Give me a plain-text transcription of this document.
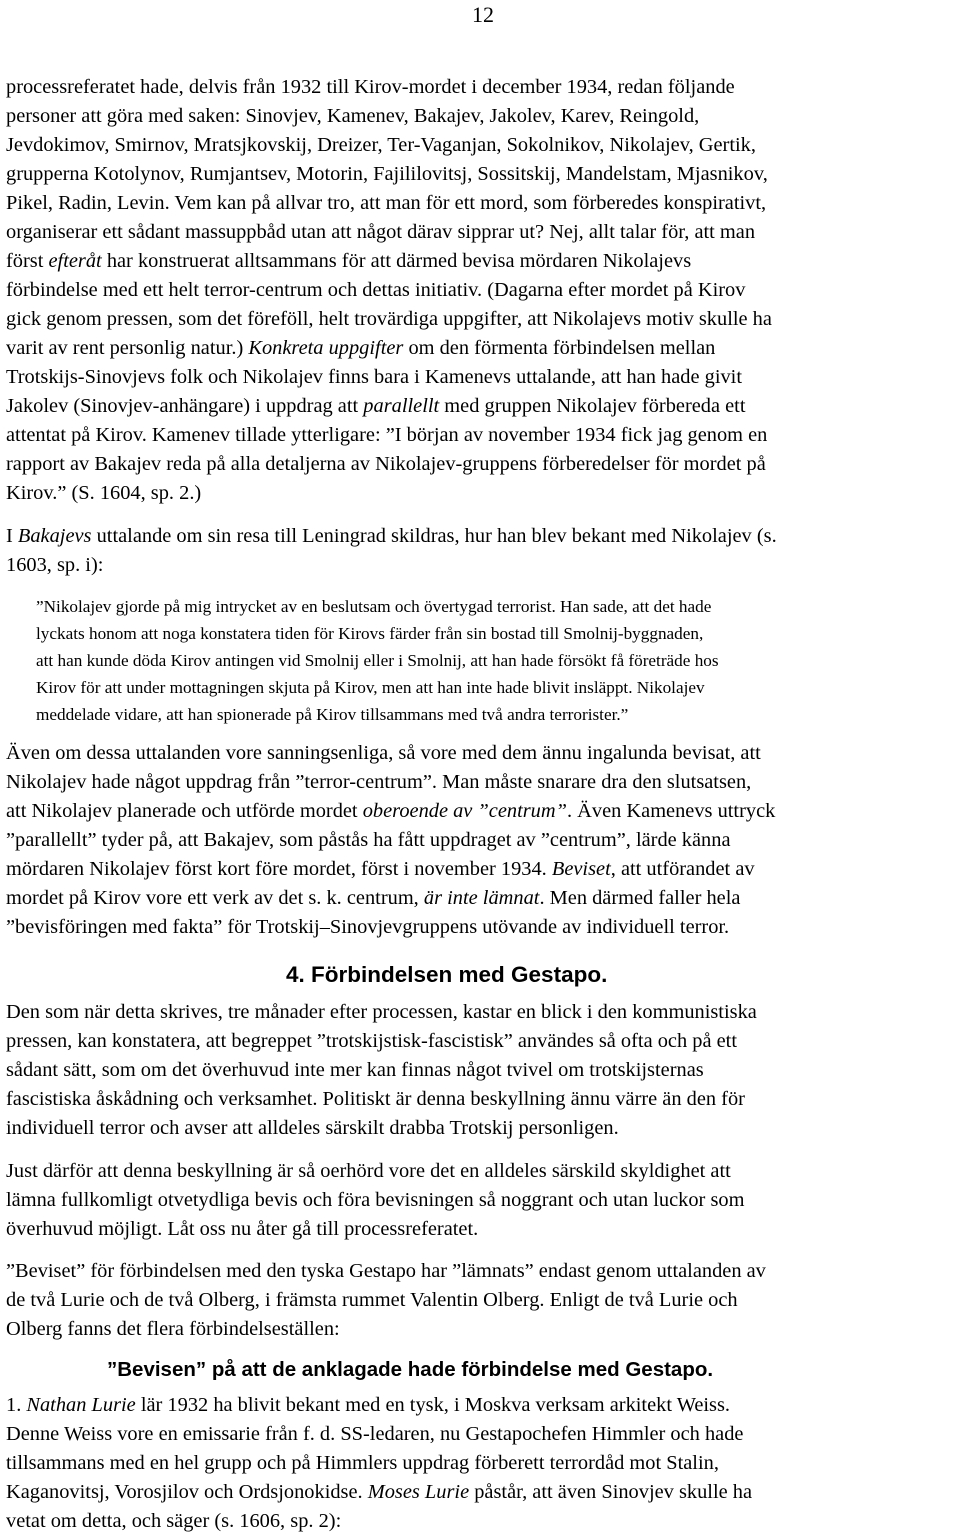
12
processreferatet hade, delvis från 1932 till Kirov-mordet i december 1934, redan följande
personer att göra med saken: Sinovjev, Kamenev, Bakajev, Jakolev, Karev, Reingold,
Jevdokimov, Smirnov, Mratsjkovskij, Dreizer, Ter-Vaganjan, Sokolnikov, Nikolajev, Gertik,
grupperna Kotolynov, Rumjantsev, Motorin, Fajililovitsj, Sossitskij, Mandelstam, Mjasnikov,
Pikel, Radin, Levin. Vem kan på allvar tro, att man för ett mord, som förberedes konspirativt,
organiserar ett sådant massuppbåd utan att något därav sipprar ut? Nej, allt talar för, att man
först efteråt har konstruerat alltsammans för att därmed bevisa mördaren Nikolajevs
förbindelse med ett helt terror-centrum och dettas initiativ. (Dagarna efter mordet på Kirov
gick genom pressen, som det föreföll, helt trovärdiga uppgifter, att Nikolajevs motiv skulle ha
varit av rent personlig natur.) Konkreta uppgifter om den förmenta förbindelsen mellan
Trotskijs-Sinovjevs folk och Nikolajev finns bara i Kamenevs uttalande, att han hade givit
Jakolev (Sinovjev-anhängare) i uppdrag att parallellt med gruppen Nikolajev förbereda ett
attentat på Kirov. Kamenev tillade ytterligare: ”I början av november 1934 fick jag genom en
rapport av Bakajev reda på alla detaljerna av Nikolajev-gruppens förberedelser för mordet på
Kirov.” (S. 1604, sp. 2.)
I Bakajevs uttalande om sin resa till Leningrad skildras, hur han blev bekant med Nikolajev (s.
1603, sp. i):
”Nikolajev gjorde på mig intrycket av en beslutsam och övertygad terrorist. Han sade, att det hade
lyckats honom att noga konstatera tiden för Kirovs färder från sin bostad till Smolnij-byggnaden,
att han kunde döda Kirov antingen vid Smolnij eller i Smolnij, att han hade försökt få företräde hos
Kirov för att under mottagningen skjuta på Kirov, men att han inte hade blivit insläppt. Nikolajev
meddelade vidare, att han spionerade på Kirov tillsammans med två andra terrorister.”
Även om dessa uttalanden vore sanningsenliga, så vore med dem ännu ingalunda bevisat, att
Nikolajev hade något uppdrag från ”terror-centrum”. Man måste snarare dra den slutsatsen,
att Nikolajev planerade och utförde mordet oberoende av ”centrum”. Även Kamenevs uttryck
”parallellt” tyder på, att Bakajev, som påstås ha fått uppdraget av ”centrum”, lärde känna
mördaren Nikolajev först kort före mordet, först i november 1934. Beviset, att utförandet av
mordet på Kirov vore ett verk av det s. k. centrum, är inte lämnat. Men därmed faller hela
”bevisföringen med fakta” för Trotskij–Sinovjevgruppens utövande av individuell terror.
4. Förbindelsen med Gestapo.
Den som när detta skrives, tre månader efter processen, kastar en blick i den kommunistiska
pressen, kan konstatera, att begreppet ”trotskijstisk-fascistisk” användes så ofta och på ett
sådant sätt, som om det överhuvud inte mer kan finnas något tvivel om trotskijsternas
fascistiska åskådning och verksamhet. Politiskt är denna beskyllning ännu värre än den för
individuell terror och avser att alldeles särskilt drabba Trotskij personligen.
Just därför att denna beskyllning är så oerhörd vore det en alldeles särskild skyldighet att
lämna fullkomligt otvetydliga bevis och föra bevisningen så noggrant och utan luckor som
överhuvud möjligt. Låt oss nu åter gå till processreferatet.
”Beviset” för förbindelsen med den tyska Gestapo har ”lämnats” endast genom uttalanden av
de två Lurie och de två Olberg, i främsta rummet Valentin Olberg. Enligt de två Lurie och
Olberg fanns det flera förbindelseställen:
”Bevisen” på att de anklagade hade förbindelse med Gestapo.
1. Nathan Lurie lär 1932 ha blivit bekant med en tysk, i Moskva verksam arkitekt Weiss.
Denne Weiss vore en emissarie från f. d. SS-ledaren, nu Gestapochefen Himmler och hade
tillsammans med en hel grupp och på Himmlers uppdrag förberett terrordåd mot Stalin,
Kaganovitsj, Vorosjilov och Ordsjonokidse. Moses Lurie påstår, att även Sinovjev skulle ha
vetat om detta, och säger (s. 1606, sp. 2):
